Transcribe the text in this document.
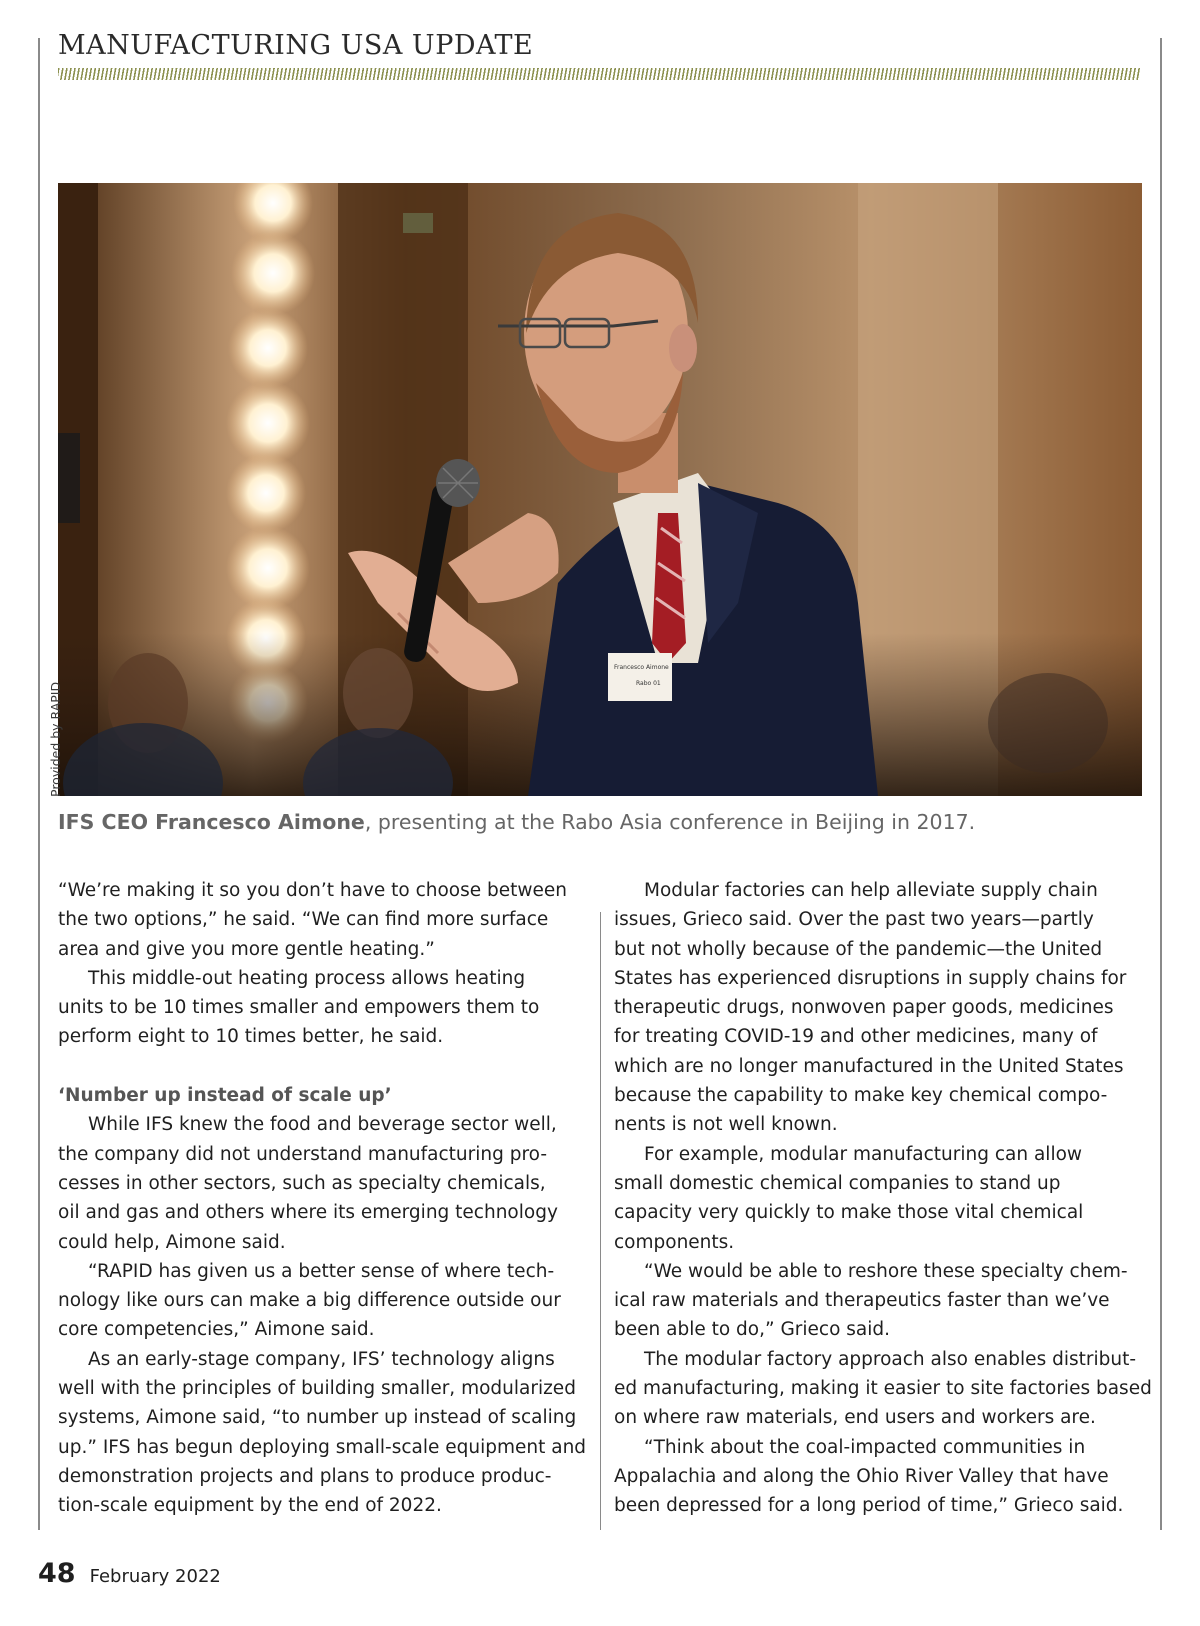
MANUFACTURING USA UPDATE
Francesco Aimone
Rabo 01
Provided by RAPID
IFS CEO Francesco Aimone, presenting at the Rabo Asia conference in Beijing in 2017.

“We’re making it so you don’t have to choose between

the two options,” he said. “We can find more surface

area and give you more gentle heating.”

This middle-out heating process allows heating

units to be 10 times smaller and empowers them to

perform eight to 10 times better, he said.

‘Number up instead of scale up’

While IFS knew the food and beverage sector well,

the company did not understand manufacturing pro-

cesses in other sectors, such as specialty chemicals,

oil and gas and others where its emerging technology

could help, Aimone said.

“RAPID has given us a better sense of where tech-

nology like ours can make a big difference outside our

core competencies,” Aimone said.

As an early-stage company, IFS’ technology aligns

well with the principles of building smaller, modularized

systems, Aimone said, “to number up instead of scaling

up.” IFS has begun deploying small-scale equipment and

demonstration projects and plans to produce produc-

tion-scale equipment by the end of 2022.

Modular factories can help alleviate supply chain

issues, Grieco said. Over the past two years—partly

but not wholly because of the pandemic—the United

States has experienced disruptions in supply chains for

therapeutic drugs, nonwoven paper goods, medicines

for treating COVID-19 and other medicines, many of

which are no longer manufactured in the United States

because the capability to make key chemical compo-

nents is not well known.

For example, modular manufacturing can allow

small domestic chemical companies to stand up

capacity very quickly to make those vital chemical

components.

“We would be able to reshore these specialty chem-

ical raw materials and therapeutics faster than we’ve

been able to do,” Grieco said.

The modular factory approach also enables distribut-

ed manufacturing, making it easier to site factories based

on where raw materials, end users and workers are.

“Think about the coal-impacted communities in

Appalachia and along the Ohio River Valley that have

been depressed for a long period of time,” Grieco said.

48 February 2022
